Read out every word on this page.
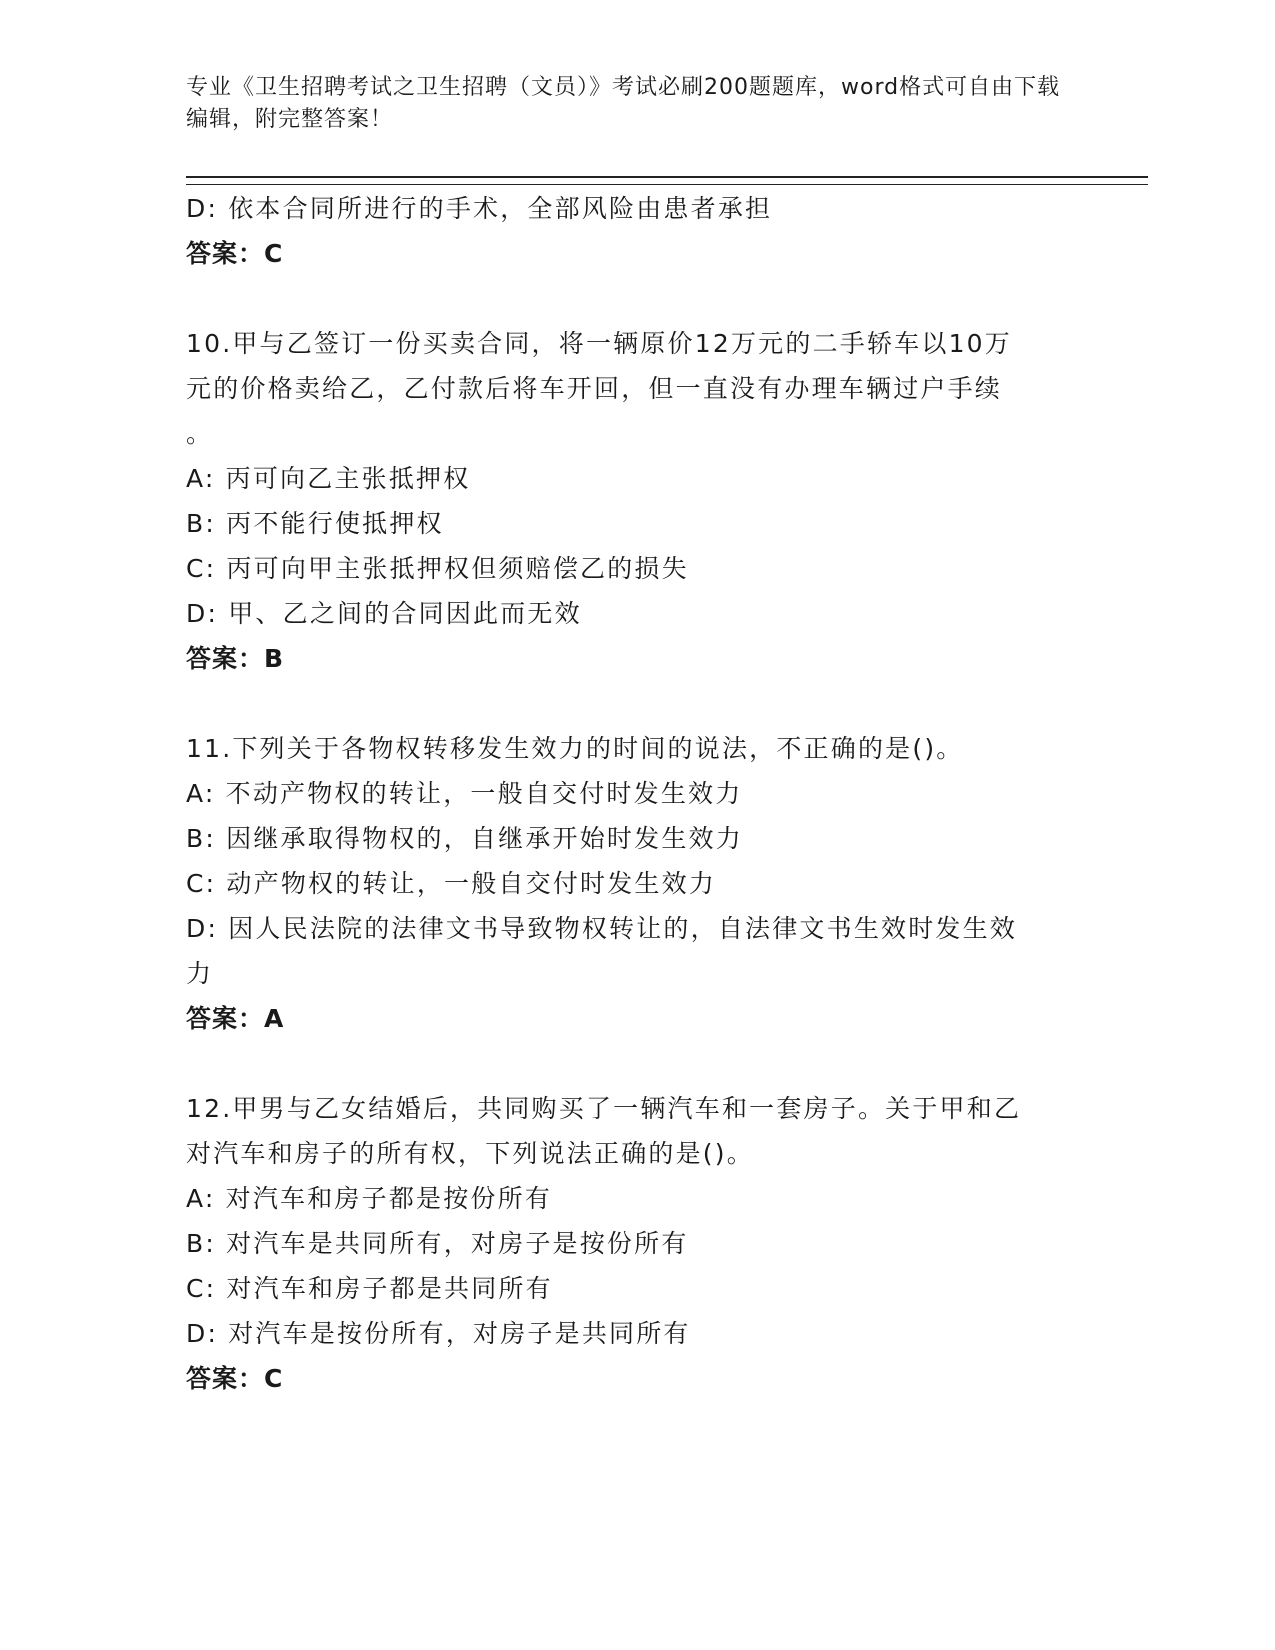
专业《卫生招聘考试之卫生招聘（文员）》考试必刷200题题库，word格式可自由下载编辑，附完整答案！
D: 依本合同所进行的手术，全部风险由患者承担
答案：C
10.甲与乙签订一份买卖合同，将一辆原价12万元的二手轿车以10万
元的价格卖给乙，乙付款后将车开回，但一直没有办理车辆过户手续
。
A: 丙可向乙主张抵押权
B: 丙不能行使抵押权
C: 丙可向甲主张抵押权但须赔偿乙的损失
D: 甲、乙之间的合同因此而无效
答案：B
11.下列关于各物权转移发生效力的时间的说法，不正确的是()。
A: 不动产物权的转让，一般自交付时发生效力
B: 因继承取得物权的，自继承开始时发生效力
C: 动产物权的转让，一般自交付时发生效力
D: 因人民法院的法律文书导致物权转让的，自法律文书生效时发生效
力
答案：A
12.甲男与乙女结婚后，共同购买了一辆汽车和一套房子。关于甲和乙
对汽车和房子的所有权，下列说法正确的是()。
A: 对汽车和房子都是按份所有
B: 对汽车是共同所有，对房子是按份所有
C: 对汽车和房子都是共同所有
D: 对汽车是按份所有，对房子是共同所有
答案：C
